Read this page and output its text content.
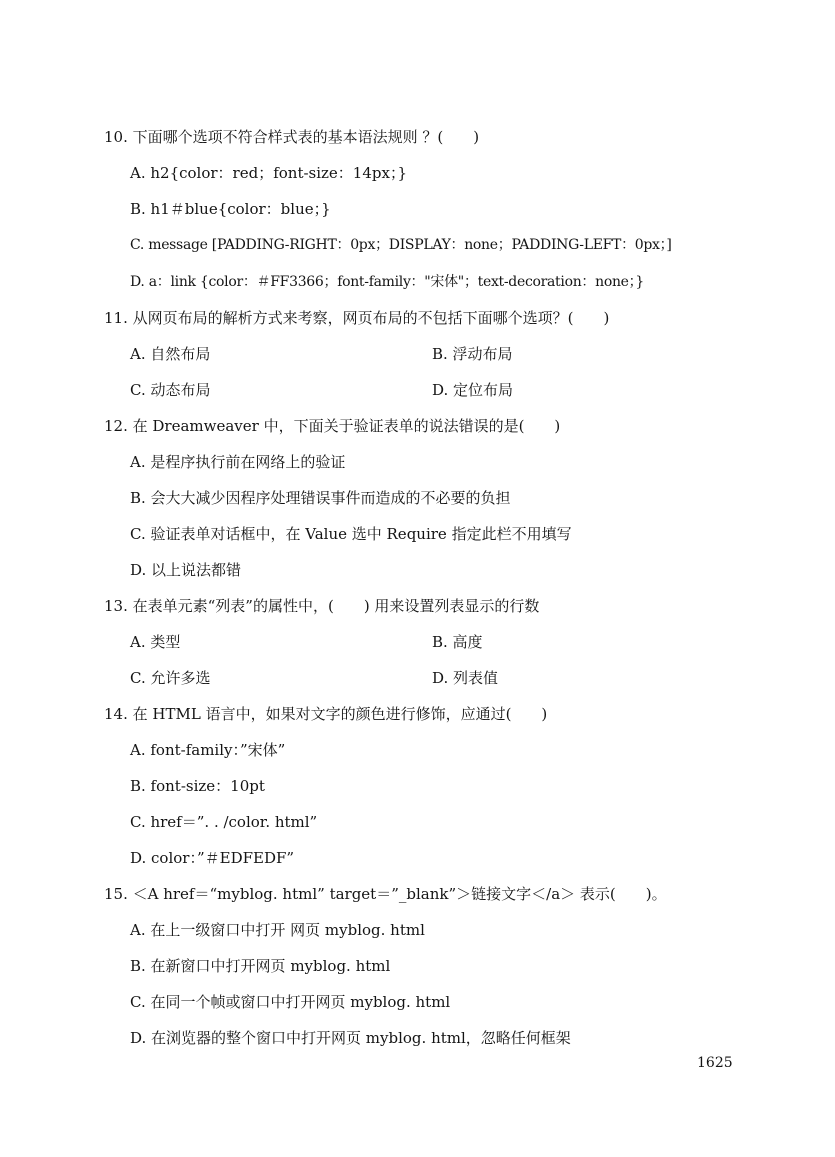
10. 下面哪个选项不符合样式表的基本语法规则 ？(　　)
A. h2{color：red；font-size：14px；}
B. h1＃blue{color：blue；}
C. message [PADDING-RIGHT：0px；DISPLAY：none；PADDING-LEFT：0px；]
D. a：link {color：＃FF3366；font-family："宋体"；text-decoration：none；}
11. 从网页布局的解析方式来考察，网页布局的不包括下面哪个选项？(　　)
A. 自然布局	B. 浮动布局
C. 动态布局	D. 定位布局
12. 在 Dreamweaver 中，下面关于验证表单的说法错误的是(　　)
A. 是程序执行前在网络上的验证
B. 会大大减少因程序处理错误事件而造成的不必要的负担
C. 验证表单对话框中，在 Value 选中 Require 指定此栏不用填写
D. 以上说法都错
13. 在表单元素“列表”的属性中，(　　) 用来设置列表显示的行数
A. 类型	B. 高度
C. 允许多选	D. 列表值
14. 在 HTML 语言中，如果对文字的颜色进行修饰，应通过(　　)
A. font-family：”宋体”
B. font-size：10pt
C. href＝”. . /color. html”
D. color：”＃EDFEDF”
15. ＜A href＝“myblog. html” target＝”_blank”＞链接文字＜/a＞ 表示(　　)。
A. 在上一级窗口中打开 网页 myblog. html
B. 在新窗口中打开网页 myblog. html
C. 在同一个帧或窗口中打开网页 myblog. html
D. 在浏览器的整个窗口中打开网页 myblog. html，忽略任何框架
1625
